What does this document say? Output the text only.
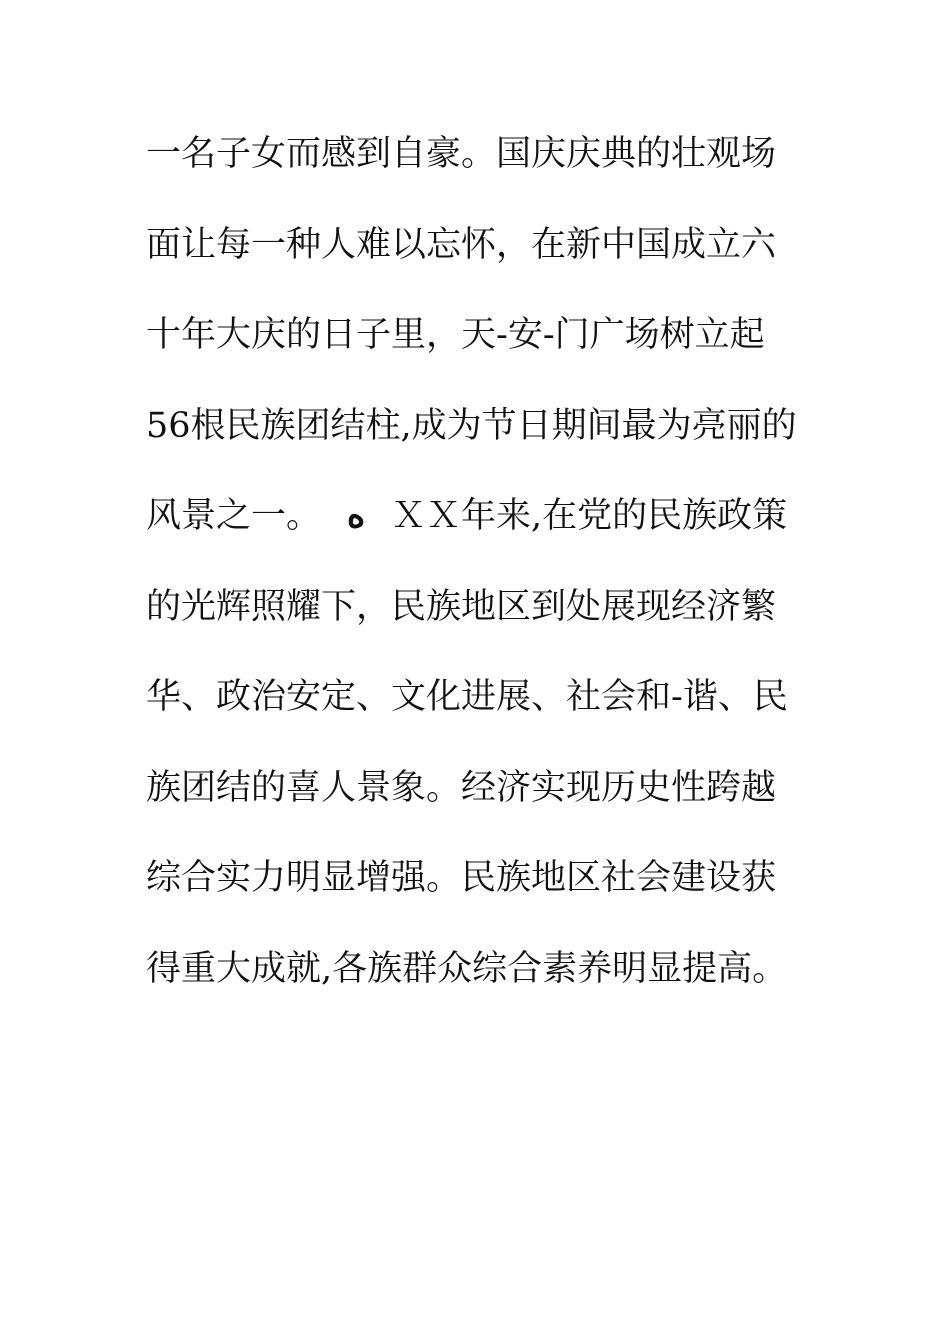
一名子女而感到自豪。国庆庆典的壮观场
面让每一种人难以忘怀，在新中国成立六
十年大庆的日子里，天-安-门广场树立起
56根民族团结柱,成为节日期间最为亮丽的
风景之一。 ه ＸＸ年来,在党的民族政策
的光辉照耀下，民族地区到处展现经济繁
华、政治安定、文化进展、社会和-谐、民
族团结的喜人景象。经济实现历史性跨越
综合实力明显增强。民族地区社会建设获
得重大成就,各族群众综合素养明显提高。
